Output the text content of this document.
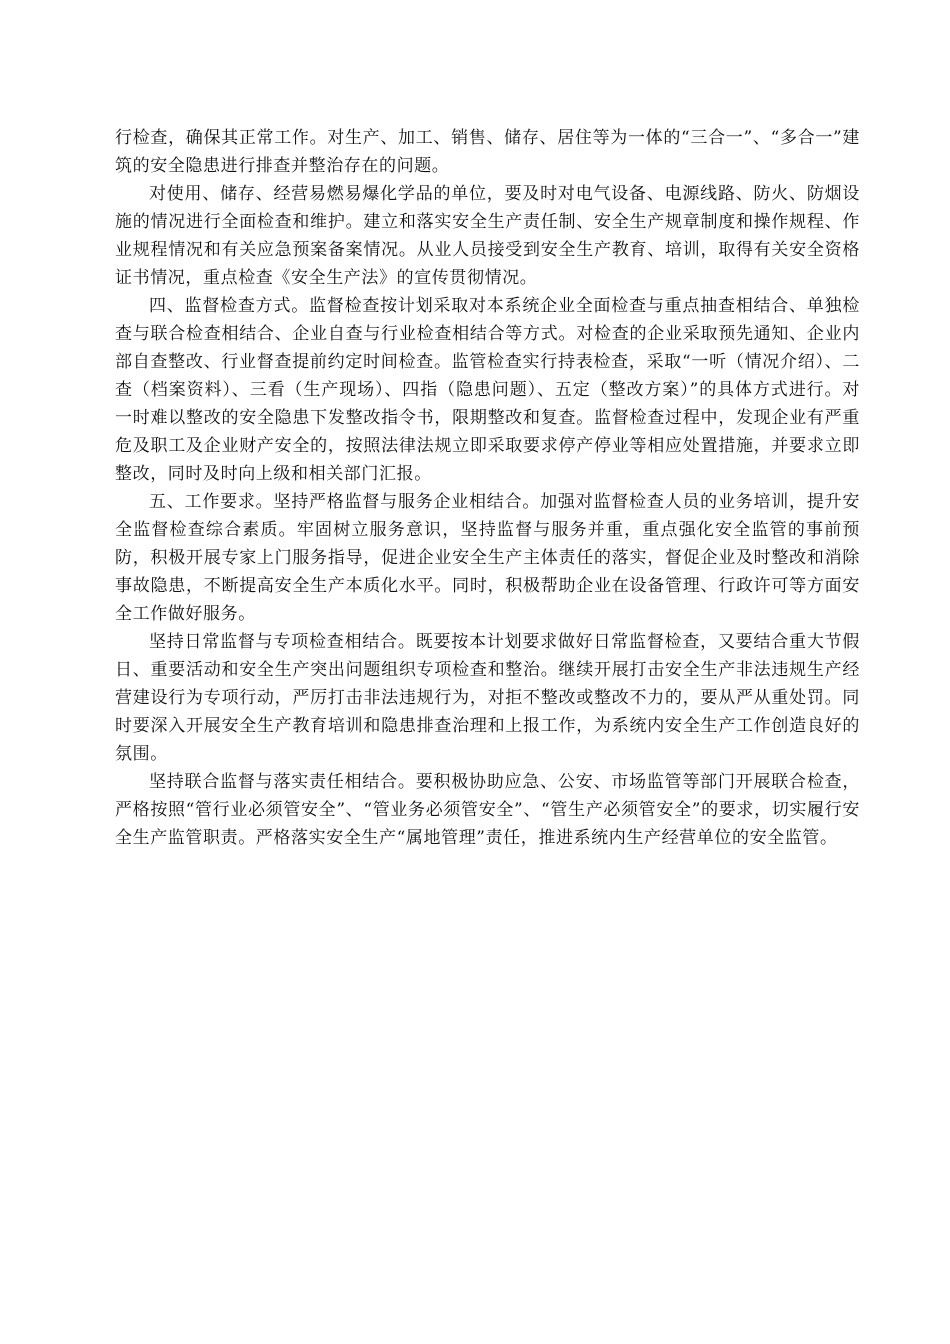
行检查，确保其正常工作。对生产、加工、销售、储存、居住等为一体的“三合一”、“多合一”建筑的安全隐患进行排查并整治存在的问题。

对使用、储存、经营易燃易爆化学品的单位，要及时对电气设备、电源线路、防火、防烟设施的情况进行全面检查和维护。建立和落实安全生产责任制、安全生产规章制度和操作规程、作业规程情况和有关应急预案备案情况。从业人员接受到安全生产教育、培训，取得有关安全资格证书情况，重点检查《安全生产法》的宣传贯彻情况。

四、监督检查方式。监督检查按计划采取对本系统企业全面检查与重点抽查相结合、单独检查与联合检查相结合、企业自查与行业检查相结合等方式。对检查的企业采取预先通知、企业内部自查整改、行业督查提前约定时间检查。监管检查实行持表检查，采取“一听（情况介绍）、二查（档案资料）、三看（生产现场）、四指（隐患问题）、五定（整改方案）”的具体方式进行。对一时难以整改的安全隐患下发整改指令书，限期整改和复查。监督检查过程中，发现企业有严重危及职工及企业财产安全的，按照法律法规立即采取要求停产停业等相应处置措施，并要求立即整改，同时及时向上级和相关部门汇报。

五、工作要求。坚持严格监督与服务企业相结合。加强对监督检查人员的业务培训，提升安全监督检查综合素质。牢固树立服务意识，坚持监督与服务并重，重点强化安全监管的事前预防，积极开展专家上门服务指导，促进企业安全生产主体责任的落实，督促企业及时整改和消除事故隐患，不断提高安全生产本质化水平。同时，积极帮助企业在设备管理、行政许可等方面安全工作做好服务。

坚持日常监督与专项检查相结合。既要按本计划要求做好日常监督检查，又要结合重大节假日、重要活动和安全生产突出问题组织专项检查和整治。继续开展打击安全生产非法违规生产经营建设行为专项行动，严厉打击非法违规行为，对拒不整改或整改不力的，要从严从重处罚。同时要深入开展安全生产教育培训和隐患排查治理和上报工作，为系统内安全生产工作创造良好的氛围。

坚持联合监督与落实责任相结合。要积极协助应急、公安、市场监管等部门开展联合检查，严格按照“管行业必须管安全”、“管业务必须管安全”、“管生产必须管安全”的要求，切实履行安全生产监管职责。严格落实安全生产“属地管理”责任，推进系统内生产经营单位的安全监管。
